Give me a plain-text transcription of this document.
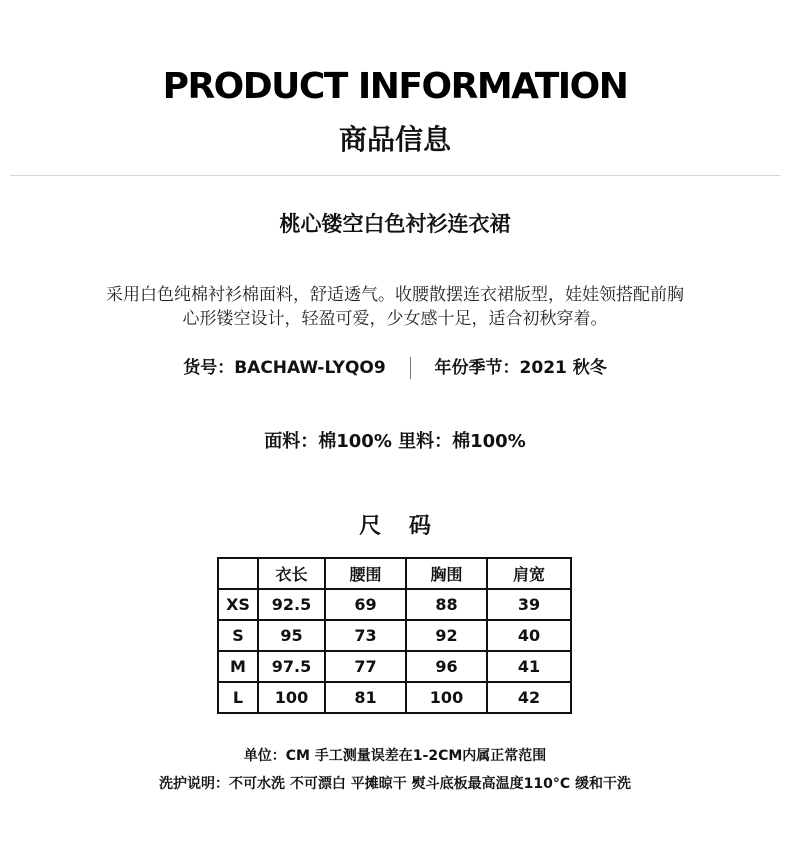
PRODUCT INFORMATION
商品信息
桃心镂空白色衬衫连衣裙
采用白色纯棉衬衫棉面料，舒适透气。收腰散摆连衣裙版型，娃娃领搭配前胸
心形镂空设计，轻盈可爱，少女感十足，适合初秋穿着。
货号：BACHAW-LYQO9	年份季节：2021 秋冬
面料：棉100% 里料：棉100%
尺 码
	衣长	腰围	胸围	肩宽
XS	92.5	69	88	39
S	95	73	92	40
M	97.5	77	96	41
L	100	81	100	42
单位：CM 手工测量误差在1-2CM内属正常范围
洗护说明：不可水洗 不可漂白 平摊晾干 熨斗底板最高温度110°C 缓和干洗
